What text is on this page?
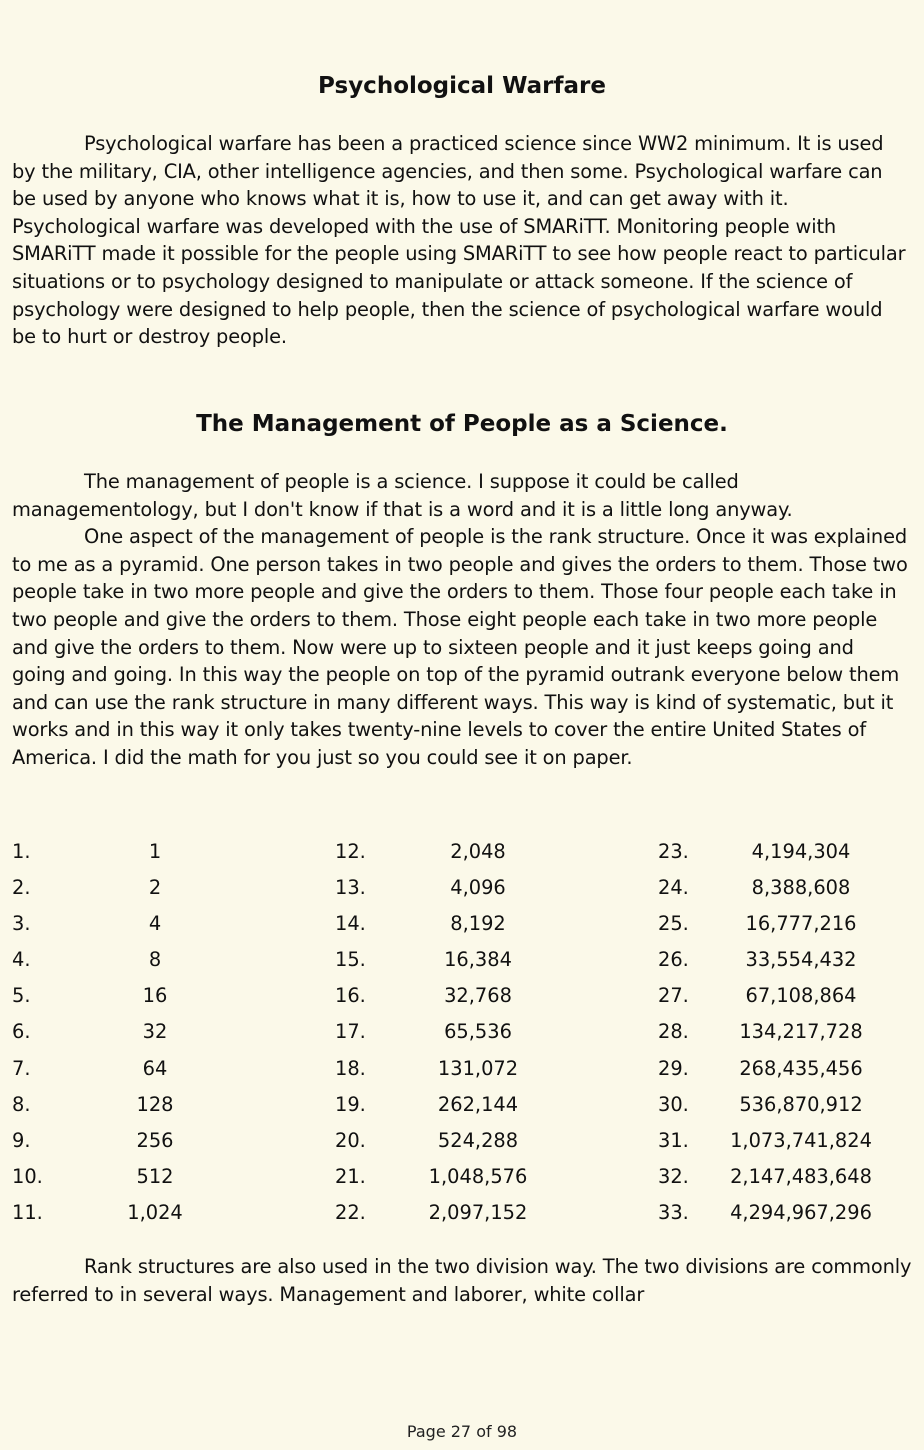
Psychological Warfare

Psychological warfare has been a practiced science since WW2 minimum. It is used by the military, CIA, other intelligence agencies, and then some. Psychological warfare can be used by anyone who knows what it is, how to use it, and can get away with it. Psychological warfare was developed with the use of SMARiTT. Monitoring people with SMARiTT made it possible for the people using SMARiTT to see how people react to particular situations or to psychology designed to manipulate or attack someone. If the science of psychology were designed to help people, then the science of psychological warfare would be to hurt or destroy people.

The Management of People as a Science.

The management of people is a science. I suppose it could be called managementology, but I don't know if that is a word and it is a little long anyway.

One aspect of the management of people is the rank structure. Once it was explained to me as a pyramid. One person takes in two people and gives the orders to them. Those two people take in two more people and give the orders to them. Those four people each take in two people and give the orders to them. Those eight people each take in two more people and give the orders to them. Now were up to sixteen people and it just keeps going and going and going. In this way the people on top of the pyramid outrank everyone below them and can use the rank structure in many different ways. This way is kind of systematic, but it works and in this way it only takes twenty-nine levels to cover the entire United States of America. I did the math for you just so you could see it on paper.

1.	1	12.	2,048	23.	4,194,304
2.	2	13.	4,096	24.	8,388,608
3.	4	14.	8,192	25.	16,777,216
4.	8	15.	16,384	26.	33,554,432
5.	16	16.	32,768	27.	67,108,864
6.	32	17.	65,536	28.	134,217,728
7.	64	18.	131,072	29.	268,435,456
8.	128	19.	262,144	30.	536,870,912
9.	256	20.	524,288	31. 1,073,741,824
10.	512	21.	1,048,576	32. 2,147,483,648
11.	1,024	22.	2,097,152	33. 4,294,967,296

Rank structures are also used in the two division way. The two divisions are commonly referred to in several ways. Management and laborer, white collar

Page 27 of 98
